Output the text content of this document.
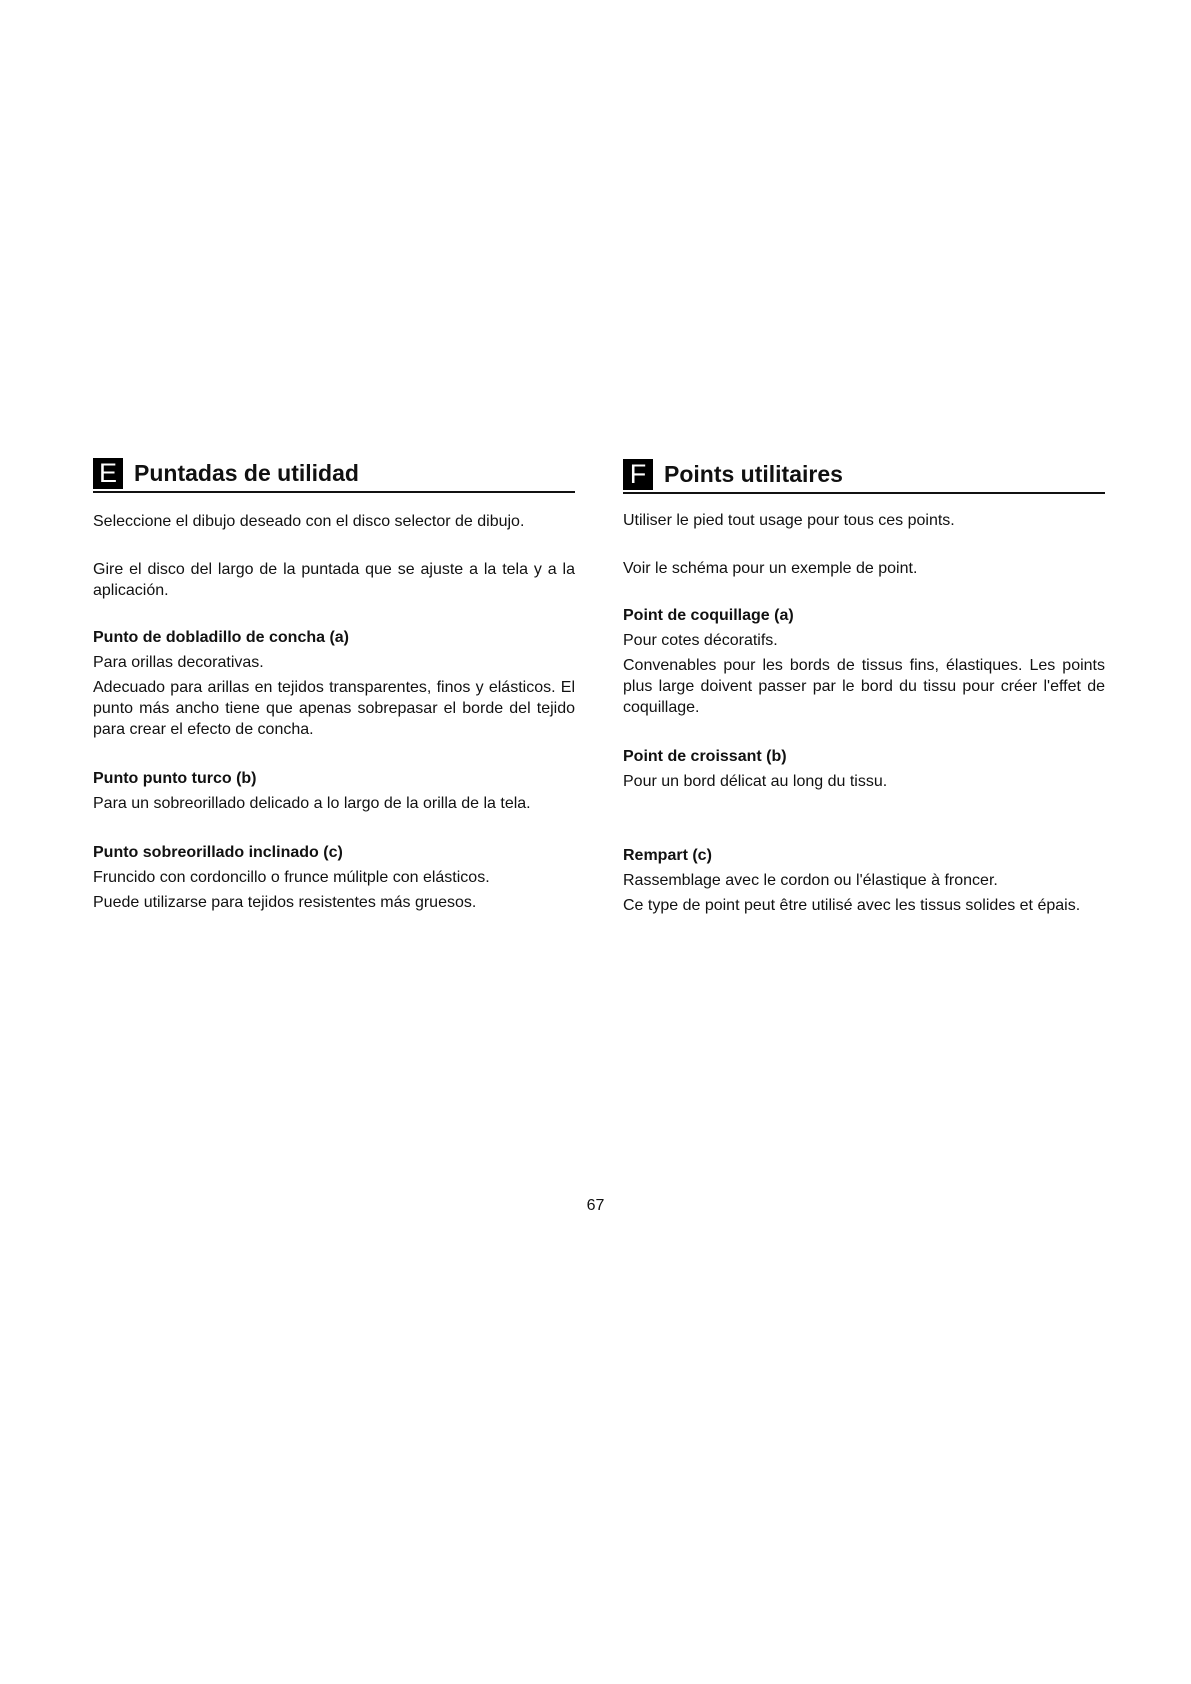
E Puntadas de utilidad

Seleccione el dibujo deseado con el disco selector de dibujo.

Gire el disco del largo de la puntada que se ajuste a la tela y a la aplicación.

Punto de dobladillo de concha (a)

Para orillas decorativas.

Adecuado para arillas en tejidos transparentes, finos y elásticos. El punto más ancho tiene que apenas sobrepasar el borde del tejido para crear el efecto de concha.

Punto punto turco (b)

Para un sobreorillado delicado a lo largo de la orilla de la tela.

Punto sobreorillado inclinado (c)

Fruncido con cordoncillo o frunce múlitple con elásticos.

Puede utilizarse para tejidos resistentes más gruesos.

F Points utilitaires

Utiliser le pied tout usage pour tous ces points.

Voir le schéma pour un exemple de point.

Point de coquillage (a)

Pour cotes décoratifs.

Convenables pour les bords de tissus fins, élastiques. Les points plus large doivent passer par le bord du tissu pour créer l'effet de coquillage.

Point de croissant (b)

Pour un bord délicat au long du tissu.

Rempart (c)

Rassemblage avec le cordon ou l'élastique à froncer.

Ce type de point peut être utilisé avec les tissus solides et épais.

67
